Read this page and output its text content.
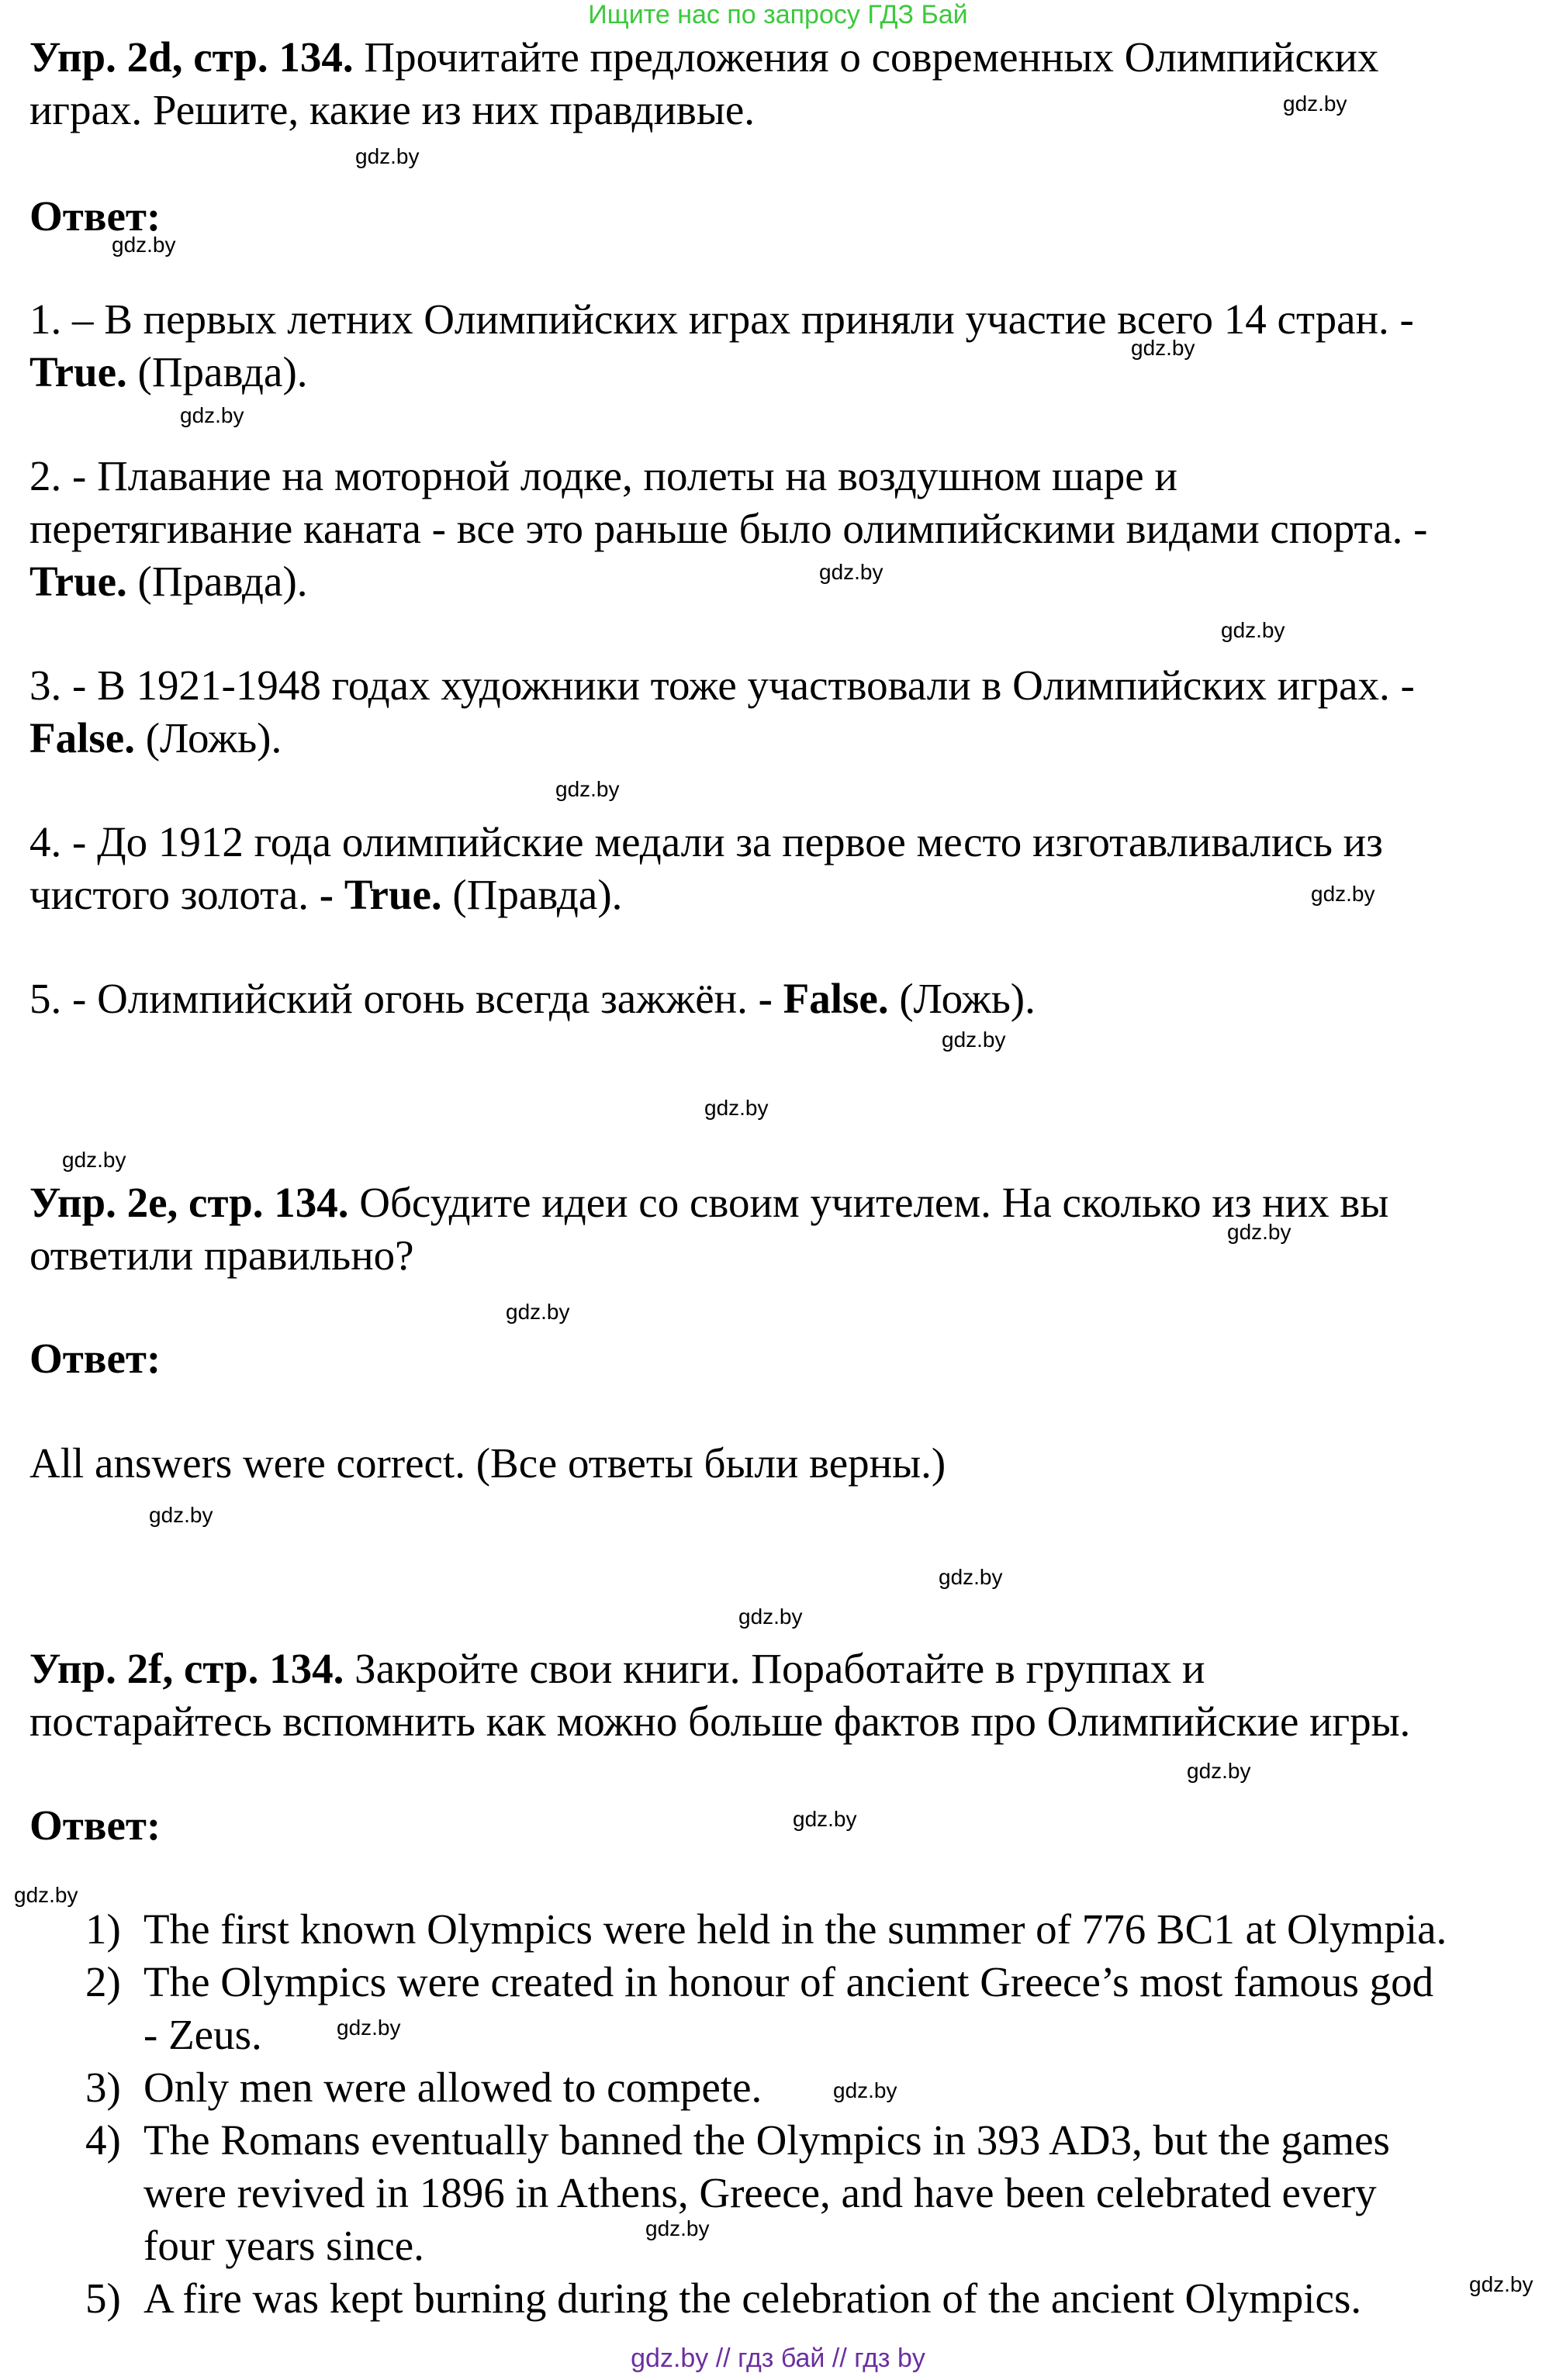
Ищите нас по запросу ГДЗ Бай
Упр. 2d, стр. 134. Прочитайте предложения о современных Олимпийских
играх. Решите, какие из них правдивые.
Ответ:
1. – В первых летних Олимпийских играх приняли участие всего 14 стран. -
True. (Правда).
2. - Плавание на моторной лодке, полеты на воздушном шаре и
перетягивание каната - все это раньше было олимпийскими видами спорта. -
True. (Правда).
3. - В 1921-1948 годах художники тоже участвовали в Олимпийских играх. -
False. (Ложь).
4. - До 1912 года олимпийские медали за первое место изготавливались из
чистого золота. - True. (Правда).
5. - Олимпийский огонь всегда зажжён. - False. (Ложь).
Упр. 2e, стр. 134. Обсудите идеи со своим учителем. На сколько из них вы
ответили правильно?
Ответ:
All answers were correct. (Все ответы были верны.)
Упр. 2f, стр. 134. Закройте свои книги. Поработайте в группах и
постарайтесь вспомнить как можно больше фактов про Олимпийские игры.
Ответ:
1) The first known Olympics were held in the summer of 776 BC1 at Olympia.
2) The Olympics were created in honour of ancient Greece’s most famous god
- Zeus.
3) Only men were allowed to compete.
4) The Romans eventually banned the Olympics in 393 AD3, but the games
were revived in 1896 in Athens, Greece, and have been celebrated every
four years since.
5) A fire was kept burning during the celebration of the ancient Olympics.
gdz.by
gdz.by
gdz.by
gdz.by
gdz.by
gdz.by
gdz.by
gdz.by
gdz.by
gdz.by
gdz.by
gdz.by
gdz.by
gdz.by
gdz.by
gdz.by
gdz.by
gdz.by
gdz.by
gdz.by
gdz.by
gdz.by
gdz.by
gdz.by
gdz.by // гдз бай // гдз by
